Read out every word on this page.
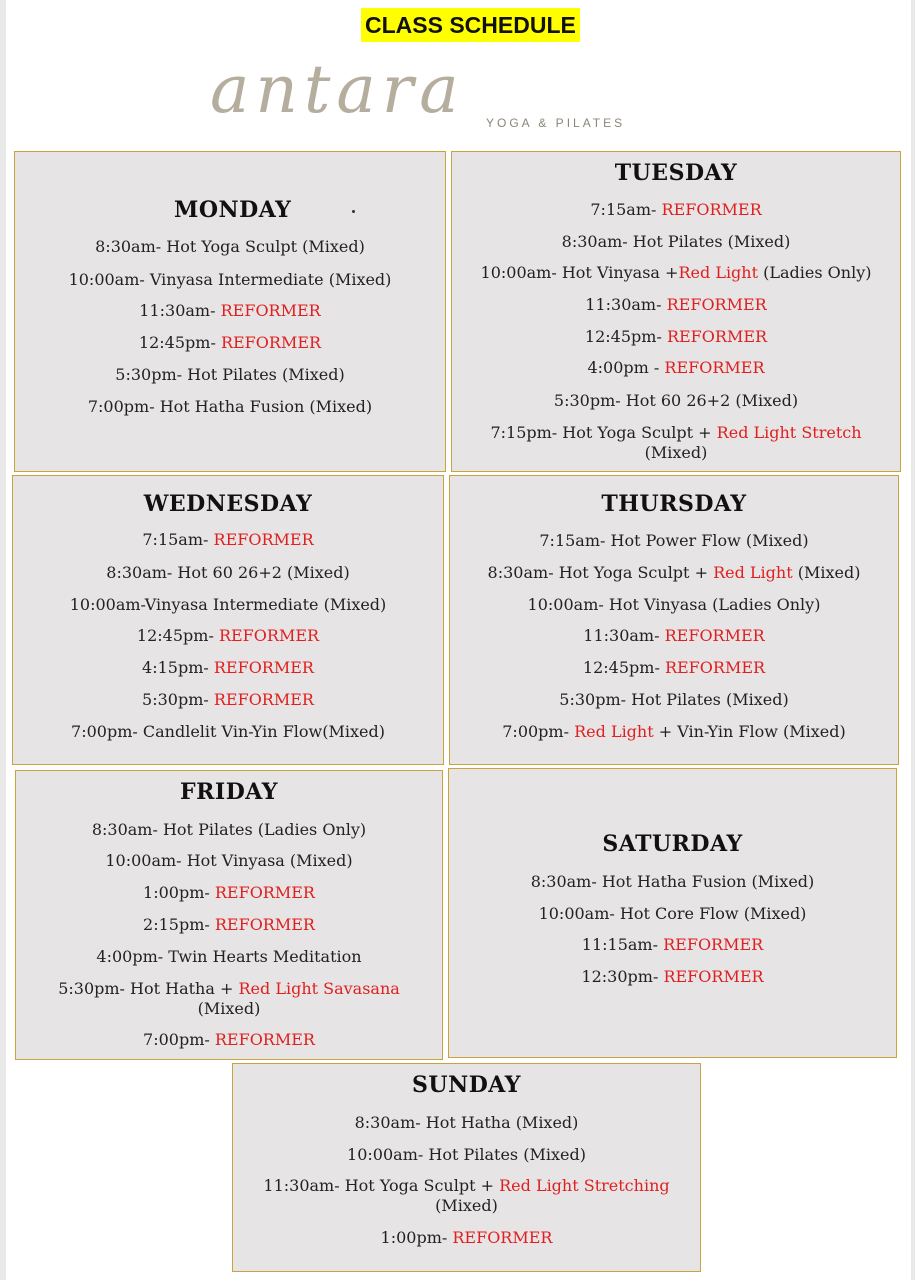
CLASS SCHEDULE
antara	YOGA & PILATES
MONDAY
8:30am- Hot Yoga Sculpt (Mixed)
10:00am- Vinyasa Intermediate (Mixed)
11:30am- REFORMER
12:45pm- REFORMER
5:30pm- Hot Pilates (Mixed)
7:00pm- Hot Hatha Fusion (Mixed)
TUESDAY
7:15am- REFORMER
8:30am- Hot Pilates (Mixed)
10:00am- Hot Vinyasa +Red Light (Ladies Only)
11:30am- REFORMER
12:45pm- REFORMER
4:00pm - REFORMER
5:30pm- Hot 60 26+2 (Mixed)
7:15pm- Hot Yoga Sculpt + Red Light Stretch
(Mixed)
WEDNESDAY
7:15am- REFORMER
8:30am- Hot 60 26+2 (Mixed)
10:00am-Vinyasa Intermediate (Mixed)
12:45pm- REFORMER
4:15pm- REFORMER
5:30pm- REFORMER
7:00pm- Candlelit Vin-Yin Flow(Mixed)
THURSDAY
7:15am- Hot Power Flow (Mixed)
8:30am- Hot Yoga Sculpt + Red Light (Mixed)
10:00am- Hot Vinyasa (Ladies Only)
11:30am- REFORMER
12:45pm- REFORMER
5:30pm- Hot Pilates (Mixed)
7:00pm- Red Light + Vin-Yin Flow (Mixed)
FRIDAY
8:30am- Hot Pilates (Ladies Only)
10:00am- Hot Vinyasa (Mixed)
1:00pm- REFORMER
2:15pm- REFORMER
4:00pm- Twin Hearts Meditation
5:30pm- Hot Hatha + Red Light Savasana
(Mixed)
7:00pm- REFORMER
SATURDAY
8:30am- Hot Hatha Fusion (Mixed)
10:00am- Hot Core Flow (Mixed)
11:15am- REFORMER
12:30pm- REFORMER
SUNDAY
8:30am- Hot Hatha (Mixed)
10:00am- Hot Pilates (Mixed)
11:30am- Hot Yoga Sculpt + Red Light Stretching
(Mixed)
1:00pm- REFORMER
